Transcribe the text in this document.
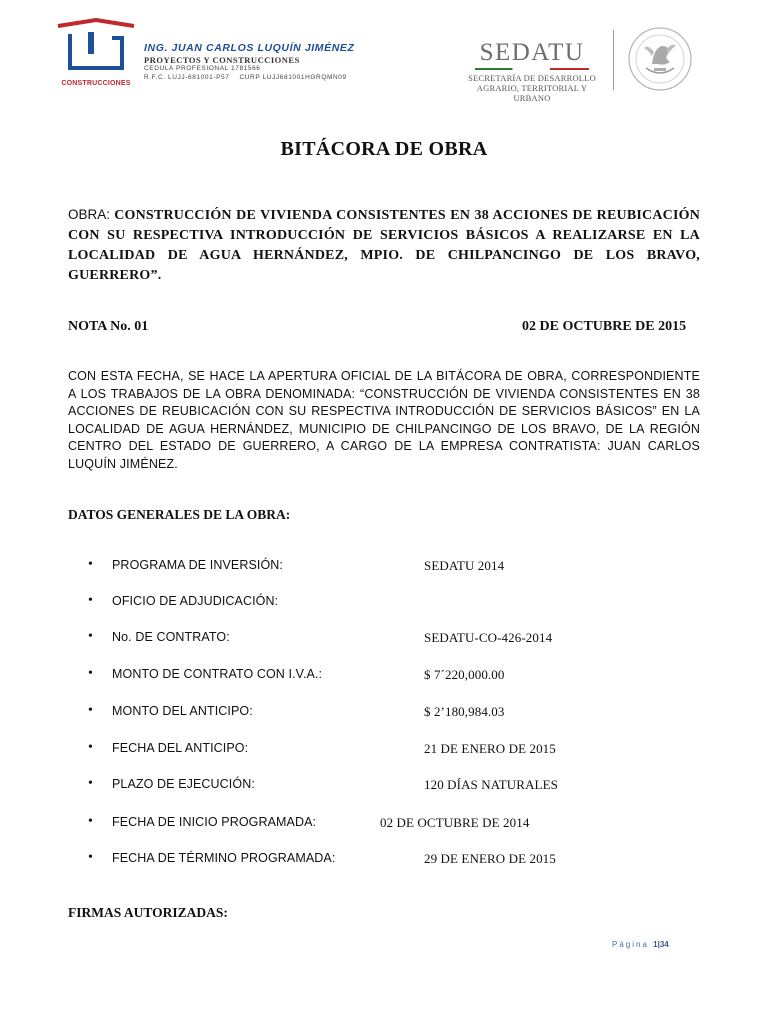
CONSTRUCCIONES
ING. JUAN CARLOS LUQUÍN JIMÉNEZ
PROYECTOS Y CONSTRUCCIONES
CEDULA PROFESIONAL 1781566
R.F.C. LUJJ-681001-P57 CURP LUJJ681001HGRQMN09
SEDATU
SECRETARÍA DE DESARROLLO
AGRARIO, TERRITORIAL Y URBANO
BITÁCORA DE OBRA
OBRA: CONSTRUCCIÓN DE VIVIENDA CONSISTENTES EN 38 ACCIONES DE REUBICACIÓN CON SU RESPECTIVA INTRODUCCIÓN DE SERVICIOS BÁSICOS A REALIZARSE EN LA LOCALIDAD DE AGUA HERNÁNDEZ, MPIO. DE CHILPANCINGO DE LOS BRAVO, GUERRERO”.
NOTA No. 01	02 DE OCTUBRE DE 2015
CON ESTA FECHA, SE HACE LA APERTURA OFICIAL DE LA BITÁCORA DE OBRA, CORRESPONDIENTE A LOS TRABAJOS DE LA OBRA DENOMINADA: “CONSTRUCCIÓN DE VIVIENDA CONSISTENTES EN 38 ACCIONES DE REUBICACIÓN CON SU RESPECTIVA INTRODUCCIÓN DE SERVICIOS BÁSICOS” EN LA LOCALIDAD DE AGUA HERNÁNDEZ, MUNICIPIO DE CHILPANCINGO DE LOS BRAVO, DE LA REGIÓN CENTRO DEL ESTADO DE GUERRERO, A CARGO DE LA EMPRESA CONTRATISTA: JUAN CARLOS LUQUÍN JIMÉNEZ.
DATOS GENERALES DE LA OBRA:
• PROGRAMA DE INVERSIÓN:	SEDATU 2014
• OFICIO DE ADJUDICACIÓN:
• No. DE CONTRATO:	SEDATU-CO-426-2014
• MONTO DE CONTRATO CON I.V.A.:	$ 7´220,000.00
• MONTO DEL ANTICIPO:	$ 2’180,984.03
• FECHA DEL ANTICIPO:	21 DE ENERO DE 2015
• PLAZO DE EJECUCIÓN:	120 DÍAS NATURALES
• FECHA DE INICIO PROGRAMADA:	02 DE OCTUBRE DE 2014
• FECHA DE TÉRMINO PROGRAMADA:	29 DE ENERO DE 2015
FIRMAS AUTORIZADAS:
Página 1|34
